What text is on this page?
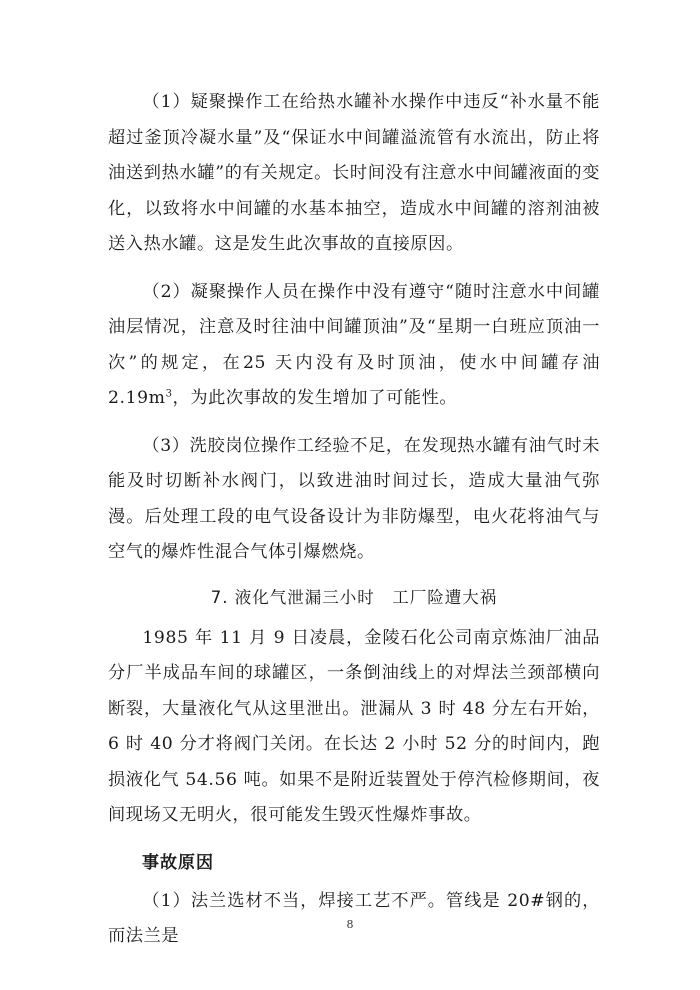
（1）疑聚操作工在给热水罐补水操作中违反“补水量不能超过釜顶冷凝水量”及“保证水中间罐溢流管有水流出，防止将油送到热水罐”的有关规定。长时间没有注意水中间罐液面的变化，以致将水中间罐的水基本抽空，造成水中间罐的溶剂油被送入热水罐。这是发生此次事故的直接原因。

（2）凝聚操作人员在操作中没有遵守“随时注意水中间罐油层情况，注意及时往油中间罐顶油”及“星期一白班应顶油一次”的规定，在25 天内没有及时顶油，使水中间罐存油 $2.19m^3$，为此次事故的发生增加了可能性。

（3）洗胶岗位操作工经验不足，在发现热水罐有油气时未能及时切断补水阀门，以致进油时间过长，造成大量油气弥漫。后处理工段的电气设备设计为非防爆型，电火花将油气与空气的爆炸性混合气体引爆燃烧。

7. 液化气泄漏三小时　工厂险遭大祸

1985 年 11 月 9 日凌晨，金陵石化公司南京炼油厂油品分厂半成品车间的球罐区，一条倒油线上的对焊法兰颈部横向断裂，大量液化气从这里泄出。泄漏从 3 时 48 分左右开始，6 时 40 分才将阀门关闭。在长达 2 小时 52 分的时间内，跑损液化气 54.56 吨。如果不是附近装置处于停汽检修期间，夜间现场又无明火，很可能发生毁灭性爆炸事故。

事故原因

（1）法兰选材不当，焊接工艺不严。管线是 20#钢的，而法兰是

8
